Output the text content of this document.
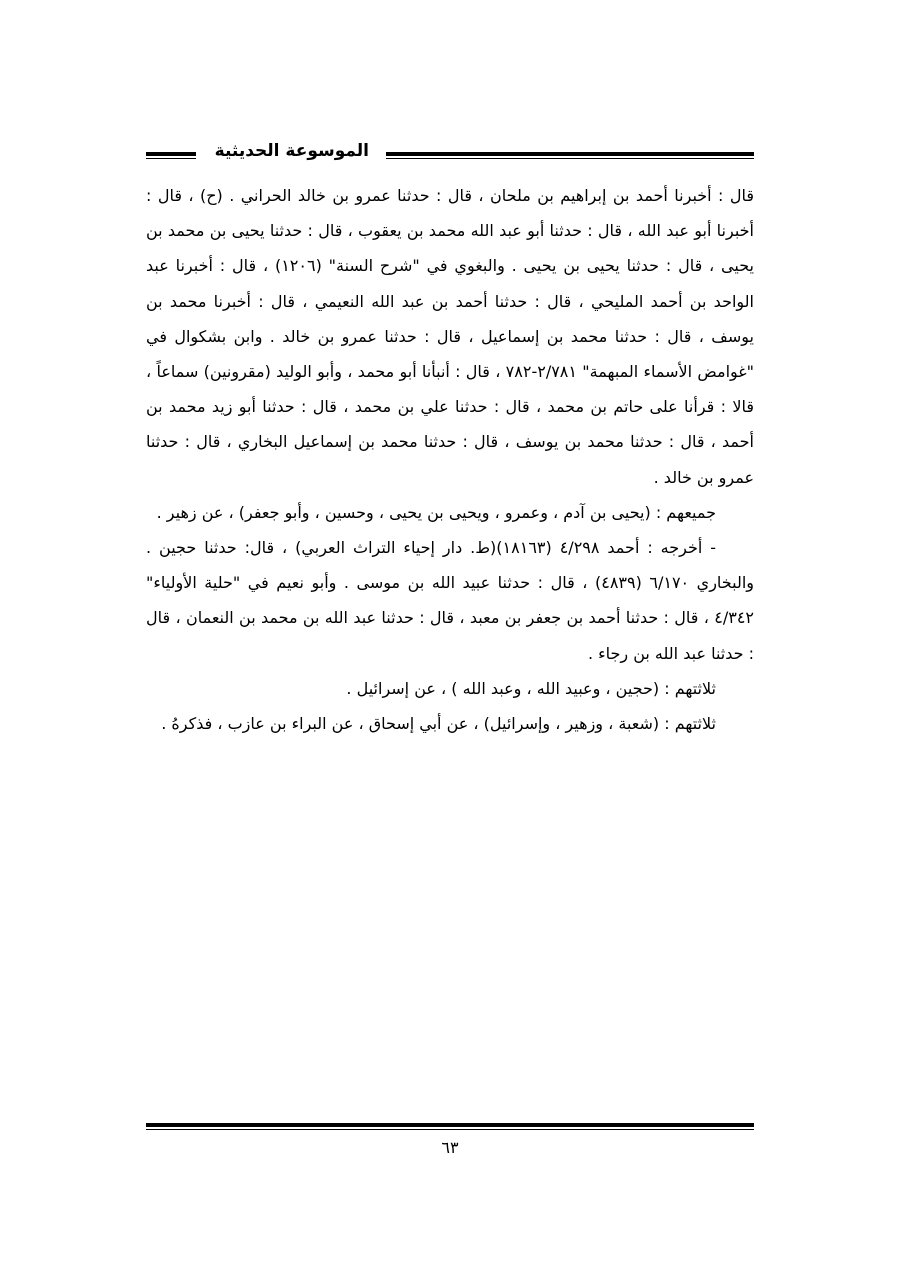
الموسوعة الحديثية

قال : أخبرنا أحمد بن إبراهيم بن ملحان ، قال : حدثنا عمرو بن خالد الحراني . (ح) ، قال : أخبرنا أبو عبد الله ، قال : حدثنا أبو عبد الله محمد بن يعقوب ، قال : حدثنا يحيى بن محمد بن يحيى ، قال : حدثنا يحيى بن يحيى . والبغوي في "شرح السنة" (١٢٠٦) ، قال : أخبرنا عبد الواحد بن أحمد المليحي ، قال : حدثنا أحمد بن عبد الله النعيمي ، قال : أخبرنا محمد بن يوسف ، قال : حدثنا محمد بن إسماعيل ، قال : حدثنا عمرو بن خالد . وابن بشكوال في "غوامض الأسماء المبهمة" ٢/٧٨١-٧٨٢ ، قال : أنبأنا أبو محمد ، وأبو الوليد (مقرونين) سماعاً ، قالا : قرأنا على حاتم بن محمد ، قال : حدثنا علي بن محمد ، قال : حدثنا أبو زيد محمد بن أحمد ، قال : حدثنا محمد بن يوسف ، قال : حدثنا محمد بن إسماعيل البخاري ، قال : حدثنا عمرو بن خالد .

جميعهم : (يحيى بن آدم ، وعمرو ، ويحيى بن يحيى ، وحسين ، وأبو جعفر) ، عن زهير .

- أخرجه : أحمد ٤/٢٩٨ (١٨١٦٣)(ط. دار إحياء التراث العربي) ، قال: حدثنا حجين . والبخاري ٦/١٧٠ (٤٨٣٩) ، قال : حدثنا عبيد الله بن موسى . وأبو نعيم في "حلية الأولياء" ٤/٣٤٢ ، قال : حدثنا أحمد بن جعفر بن معبد ، قال : حدثنا عبد الله بن محمد بن النعمان ، قال : حدثنا عبد الله بن رجاء .

ثلاثتهم : (حجين ، وعبيد الله ، وعبد الله ) ، عن إسرائيل .

ثلاثتهم : (شعبة ، وزهير ، وإسرائيل) ، عن أبي إسحاق ، عن البراء بن عازب ، فذكرهُ .

٦٣
